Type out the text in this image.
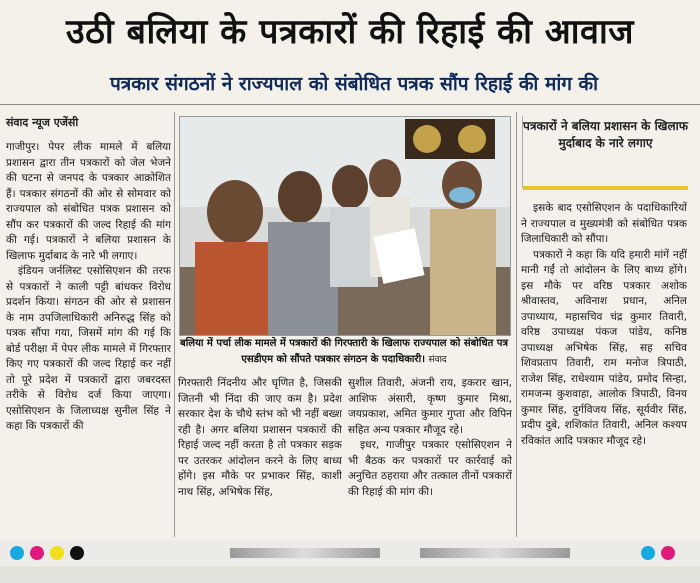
उठी बलिया के पत्रकारों की रिहाई की आवाज
पत्रकार संगठनों ने राज्यपाल को संबोधित पत्रक सौंप रिहाई की मांग की
संवाद न्यूज एजेंसी

गाजीपुर। पेपर लीक मामले में बलिया प्रशासन द्वारा तीन पत्रकारों को जेल भेजने की घटना से जनपद के पत्रकार आक्रोशित हैं। पत्रकार संगठनों की ओर से सोमवार को राज्यपाल को संबोधित पत्रक प्रशासन को सौंप कर पत्रकारों की जल्द रिहाई की मांग की गई। पत्रकारों ने बलिया प्रशासन के खिलाफ मुर्दाबाद के नारे भी लगाए।

इंडियन जर्नलिस्ट एसोसिएशन की तरफ से पत्रकारों ने काली पट्टी बांधकर विरोध प्रदर्शन किया। संगठन की ओर से प्रशासन के नाम उपजिलाधिकारी अनिरुद्ध सिंह को पत्रक सौंपा गया, जिसमें मांग की गई कि बोर्ड परीक्षा में पेपर लीक मामले में गिरफ्तार किए गए पत्रकारों की जल्द रिहाई कर नहीं तो पूरे प्रदेश में पत्रकारों द्वारा जबरदस्त तरीके से विरोध दर्ज किया जाएगा। एसोसिएशन के जिलाध्यक्ष सुनील सिंह ने कहा कि पत्रकारों की

बलिया में पर्चा लीक मामले में पत्रकारों की गिरफ्तारी के खिलाफ राज्यपाल को संबोधित पत्र एसडीएम को सौंपते पत्रकार संगठन के पदाधिकारी। संवाद

गिरफ्तारी निंदनीय और घृणित है, जिसकी जितनी भी निंदा की जाए कम है। प्रदेश सरकार देश के चौथे स्तंभ को भी नहीं बख्श रही है। अगर बलिया प्रशासन पत्रकारों की रिहाई जल्द नहीं करता है तो पत्रकार सड़क पर उतरकर आंदोलन करने के लिए बाध्य होंगे। इस मौके पर प्रभाकर सिंह, काशी नाथ सिंह, अभिषेक सिंह,

सुशील तिवारी, अंजनी राय, इकरार खान, आशिफ अंसारी, कृष्ण कुमार मिश्रा, जयप्रकाश, अमित कुमार गुप्ता और विपिन सहित अन्य पत्रकार मौजूद रहे।

इधर, गाजीपुर पत्रकार एसोसिएशन ने भी बैठक कर पत्रकारों पर कार्रवाई को अनुचित ठहराया और तत्काल तीनों पत्रकारों की रिहाई की मांग की।

पत्रकारों ने बलिया प्रशासन के खिलाफ मुर्दाबाद के नारे लगाए

इसके बाद एसोसिएशन के पदाधिकारियों ने राज्यपाल व मुख्यमंत्री को संबोधित पत्रक जिलाधिकारी को सौंपा।

पत्रकारों ने कहा कि यदि हमारी मांगें नहीं मानी गईं तो आंदोलन के लिए बाध्य होंगे। इस मौके पर वरिष्ठ पत्रकार अशोक श्रीवास्तव, अविनाश प्रधान, अनिल उपाध्याय, महासचिव चंद्र कुमार तिवारी, वरिष्ठ उपाध्यक्ष पंकज पांडेय, कनिष्ठ उपाध्यक्ष अभिषेक सिंह, सह सचिव शिवप्रताप तिवारी, राम मनोज त्रिपाठी, राजेश सिंह, राधेश्याम पांडेय, प्रमोद सिन्हा, रामजन्म कुशवाहा, आलोक त्रिपाठी, विनय कुमार सिंह, दुर्गविजय सिंह, सूर्यवीर सिंह, प्रदीप दुबे, शशिकांत तिवारी, अनिल कश्यप रविकांत आदि पत्रकार मौजूद रहे।
